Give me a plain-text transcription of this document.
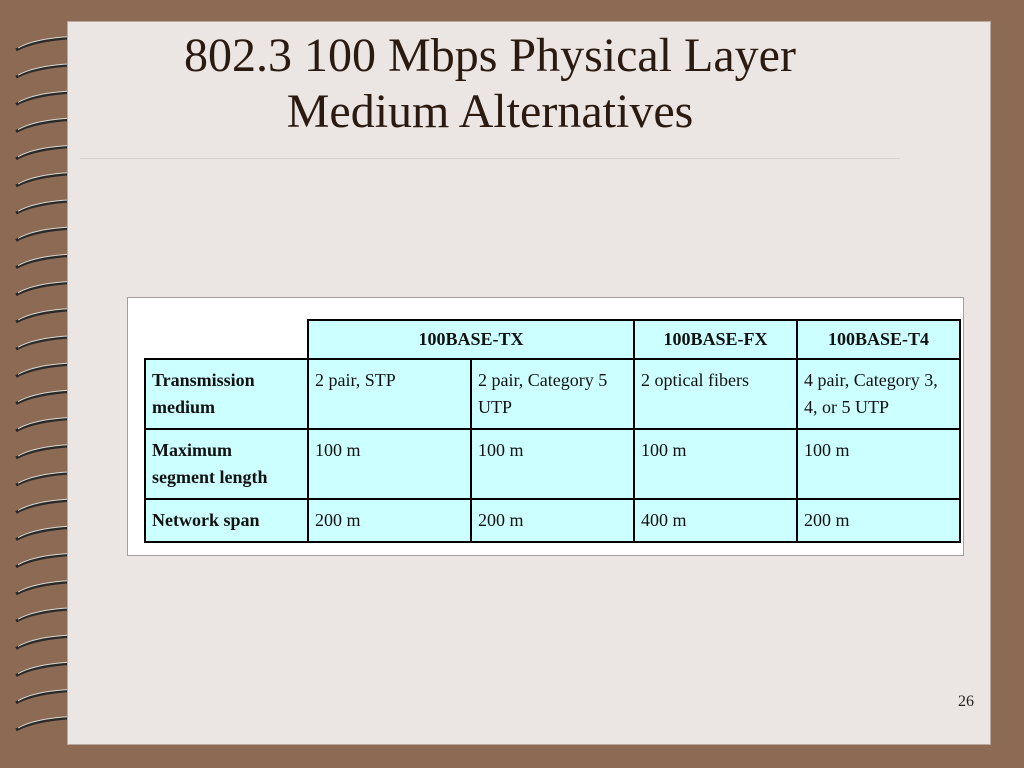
802.3 100 Mbps Physical Layer
Medium Alternatives
	100BASE-TX		100BASE-FX	100BASE-T4
Transmission
medium	2 pair, STP	2 pair, Category 5 UTP	2 optical fibers	4 pair, Category 3, 4, or 5 UTP
Maximum
segment length	100 m	100 m	100 m	100 m
Network span	200 m	200 m	400 m	200 m
26
